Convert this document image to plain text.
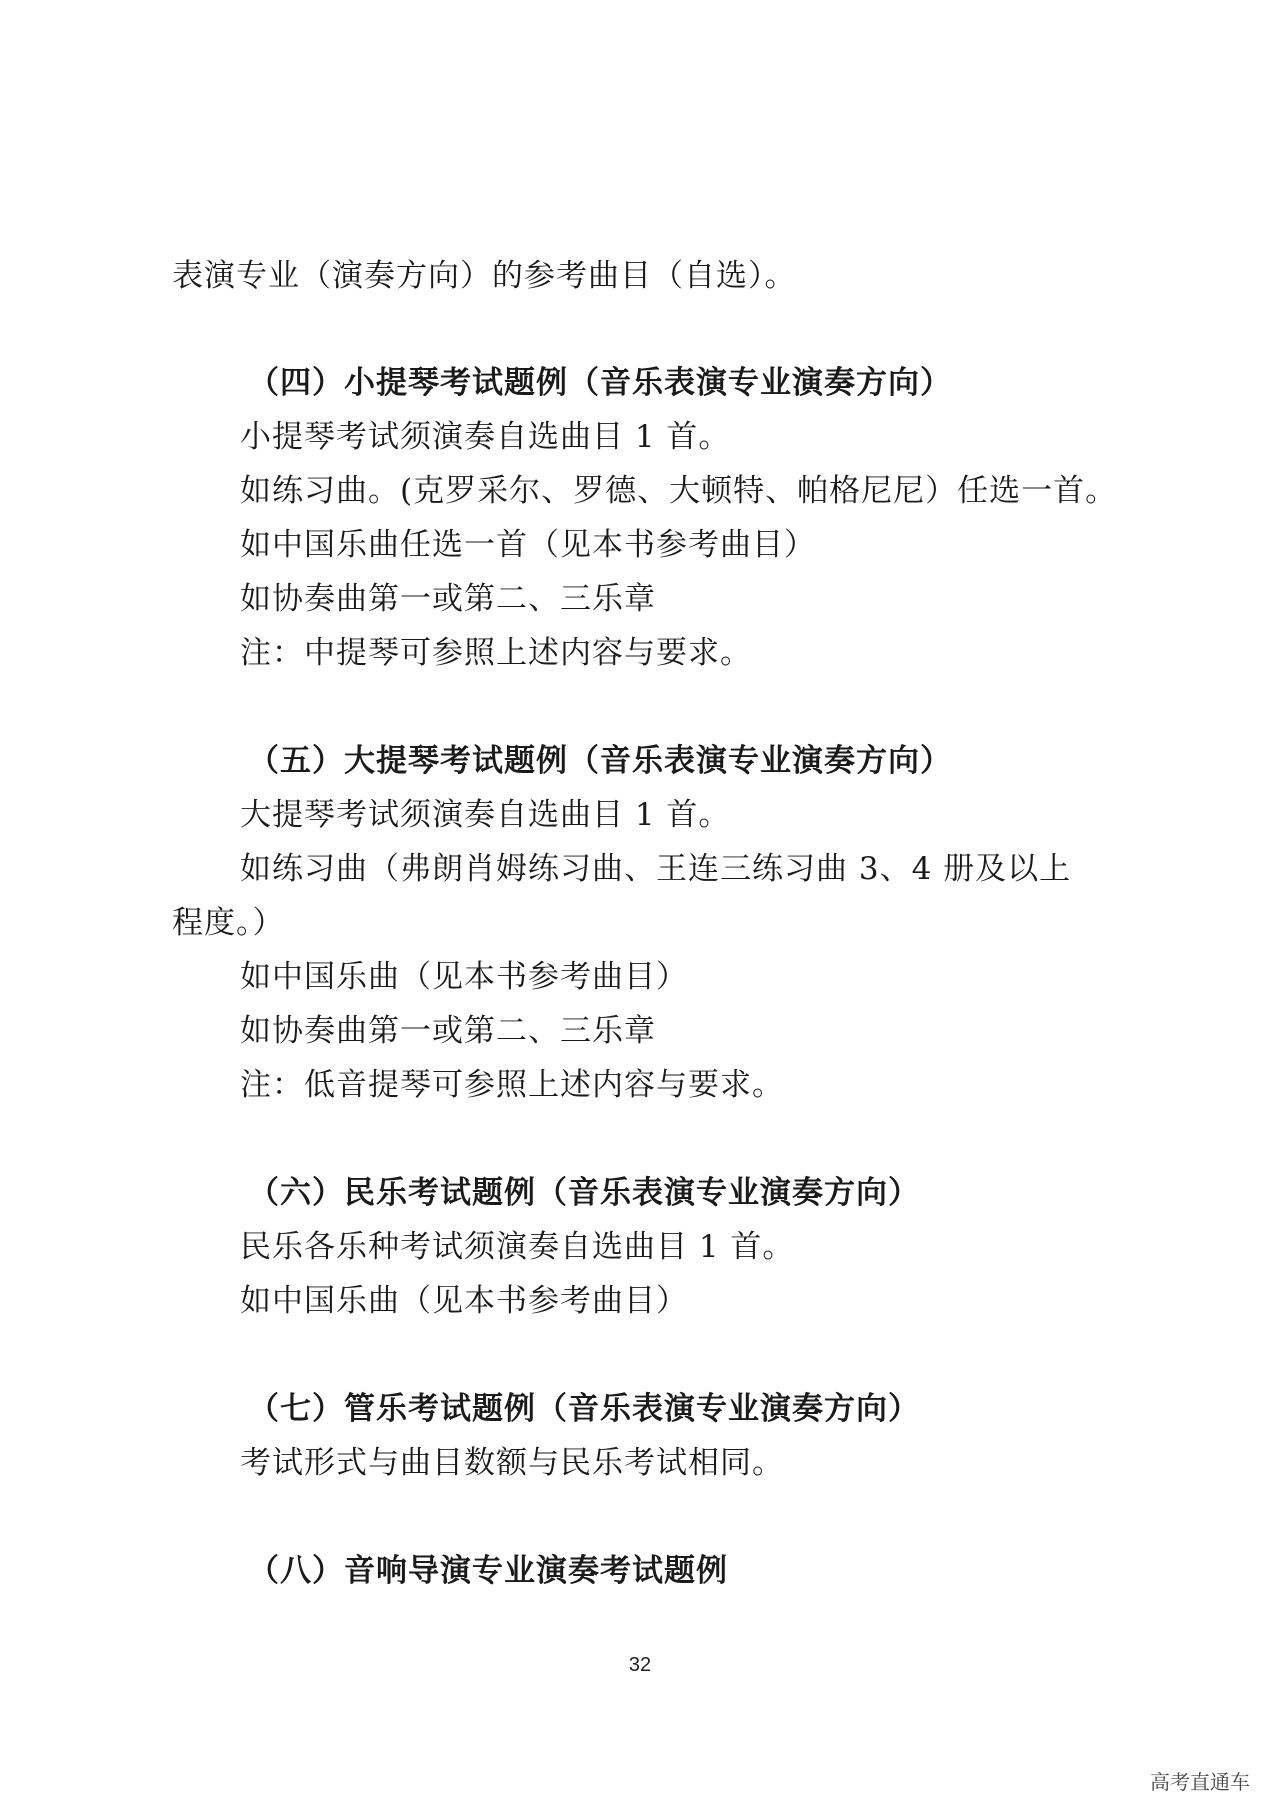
表演专业（演奏方向）的参考曲目（自选）。
（四）小提琴考试题例（音乐表演专业演奏方向）
小提琴考试须演奏自选曲目 1 首。
如练习曲。(克罗采尔、罗德、大顿特、帕格尼尼）任选一首。
如中国乐曲任选一首（见本书参考曲目）
如协奏曲第一或第二、三乐章
注：中提琴可参照上述内容与要求。
（五）大提琴考试题例（音乐表演专业演奏方向）
大提琴考试须演奏自选曲目 1 首。
如练习曲（弗朗肖姆练习曲、王连三练习曲 3、4 册及以上
程度。）
如中国乐曲（见本书参考曲目）
如协奏曲第一或第二、三乐章
注：低音提琴可参照上述内容与要求。
（六）民乐考试题例（音乐表演专业演奏方向）
民乐各乐种考试须演奏自选曲目 1 首。
如中国乐曲（见本书参考曲目）
（七）管乐考试题例（音乐表演专业演奏方向）
考试形式与曲目数额与民乐考试相同。
（八）音响导演专业演奏考试题例
32
高考直通车
